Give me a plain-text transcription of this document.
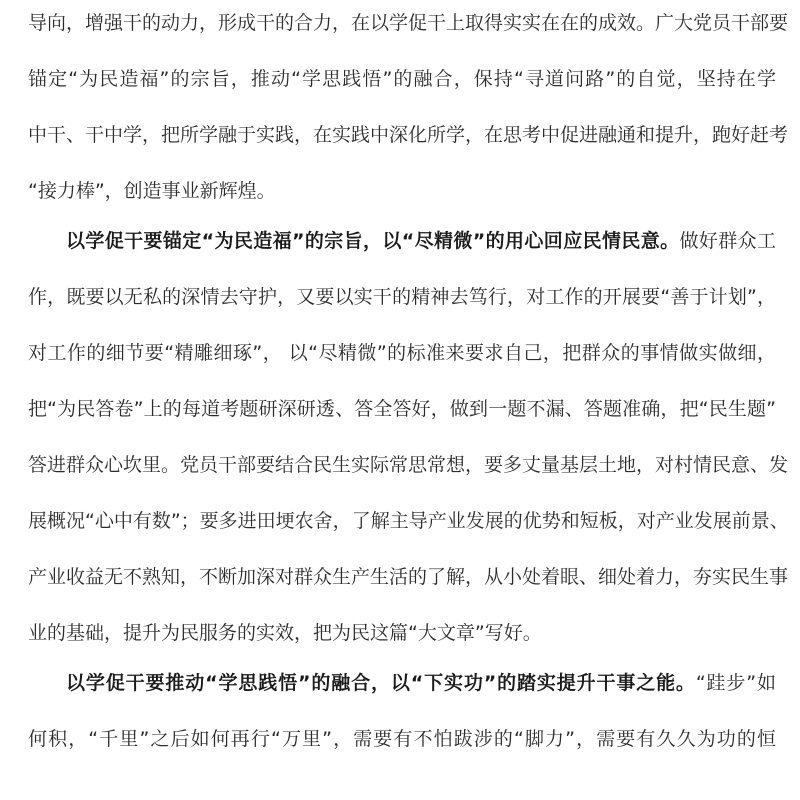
导向，增强干的动力，形成干的合力，在以学促干上取得实实在在的成效。广大党员干部要
锚定“为民造福”的宗旨，推动“学思践悟”的融合，保持“寻道问路”的自觉，坚持在学
中干、干中学，把所学融于实践，在实践中深化所学，在思考中促进融通和提升，跑好赶考
“接力棒”，创造事业新辉煌。
以学促干要锚定“为民造福”的宗旨，以“尽精微”的用心回应民情民意。做好群众工
作，既要以无私的深情去守护，又要以实干的精神去笃行，对工作的开展要“善于计划”，
对工作的细节要“精雕细琢”， 以“尽精微”的标准来要求自己，把群众的事情做实做细，
把“为民答卷”上的每道考题研深研透、答全答好，做到一题不漏、答题准确，把“民生题”
答进群众心坎里。党员干部要结合民生实际常思常想，要多丈量基层土地，对村情民意、发
展概况“心中有数”；要多进田埂农舍，了解主导产业发展的优势和短板，对产业发展前景、
产业收益无不熟知，不断加深对群众生产生活的了解，从小处着眼、细处着力，夯实民生事
业的基础，提升为民服务的实效，把为民这篇“大文章”写好。
以学促干要推动“学思践悟”的融合，以“下实功”的踏实提升干事之能。“跬步”如
何积，“千里”之后如何再行“万里”，需要有不怕跋涉的“脚力”，需要有久久为功的恒
